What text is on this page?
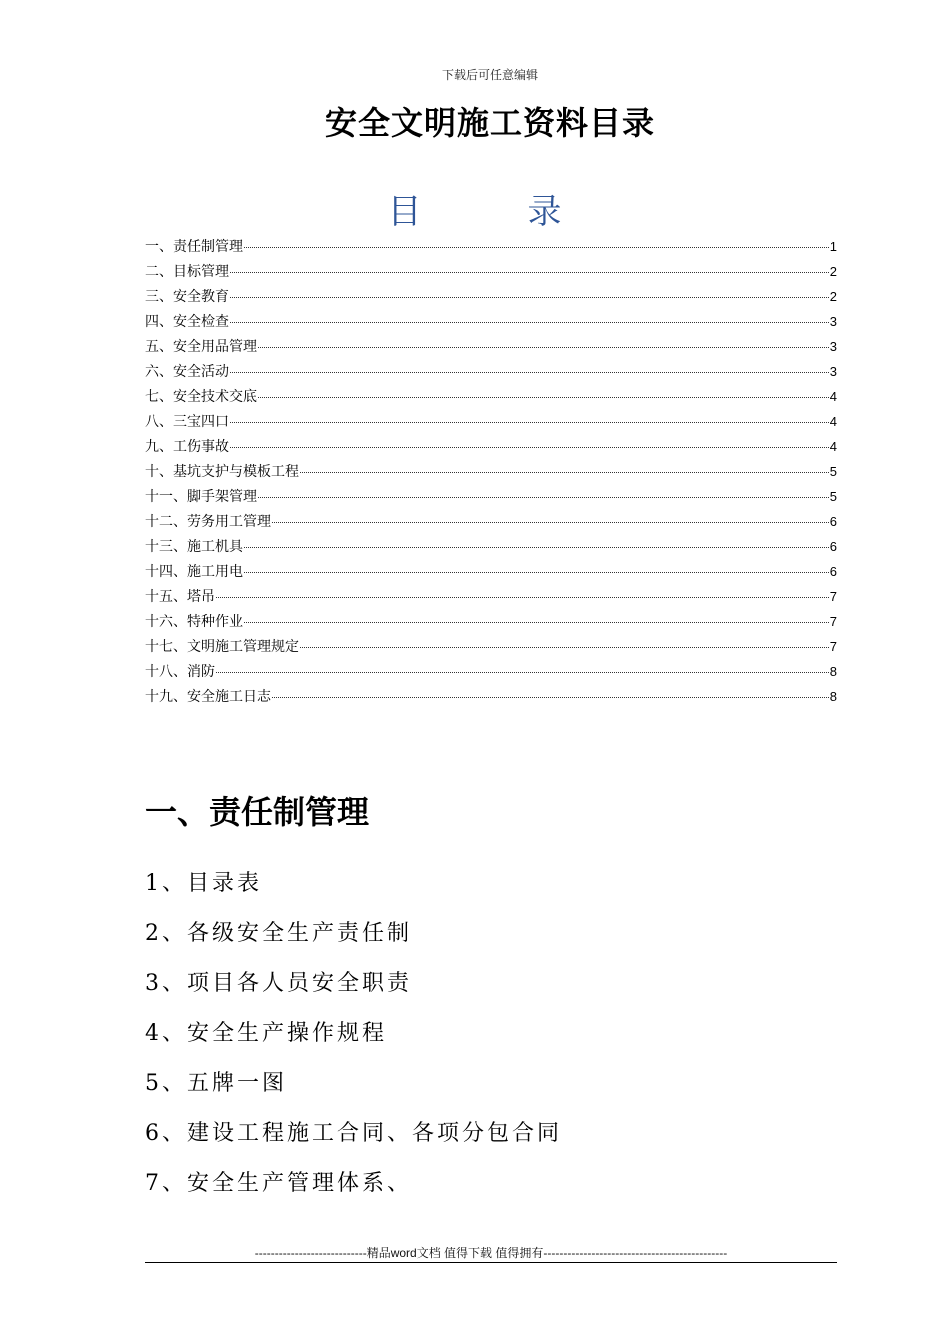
下载后可任意编辑
安全文明施工资料目录
目　录
一、责任制管理	1
二、目标管理	2
三、安全教育	2
四、安全检查	3
五、安全用品管理	3
六、安全活动	3
七、安全技术交底	4
八、三宝四口	4
九、工伤事故	4
十、基坑支护与模板工程	5
十一、脚手架管理	5
十二、劳务用工管理	6
十三、施工机具	6
十四、施工用电	6
十五、塔吊	7
十六、特种作业	7
十七、文明施工管理规定	7
十八、消防	8
十九、安全施工日志	8
一、责任制管理
1、目录表
2、各级安全生产责任制
3、项目各人员安全职责
4、安全生产操作规程
5、五牌一图
6、建设工程施工合同、各项分包合同
7、安全生产管理体系、
----------------------------精品word文档 值得下载 值得拥有----------------------------------------------
